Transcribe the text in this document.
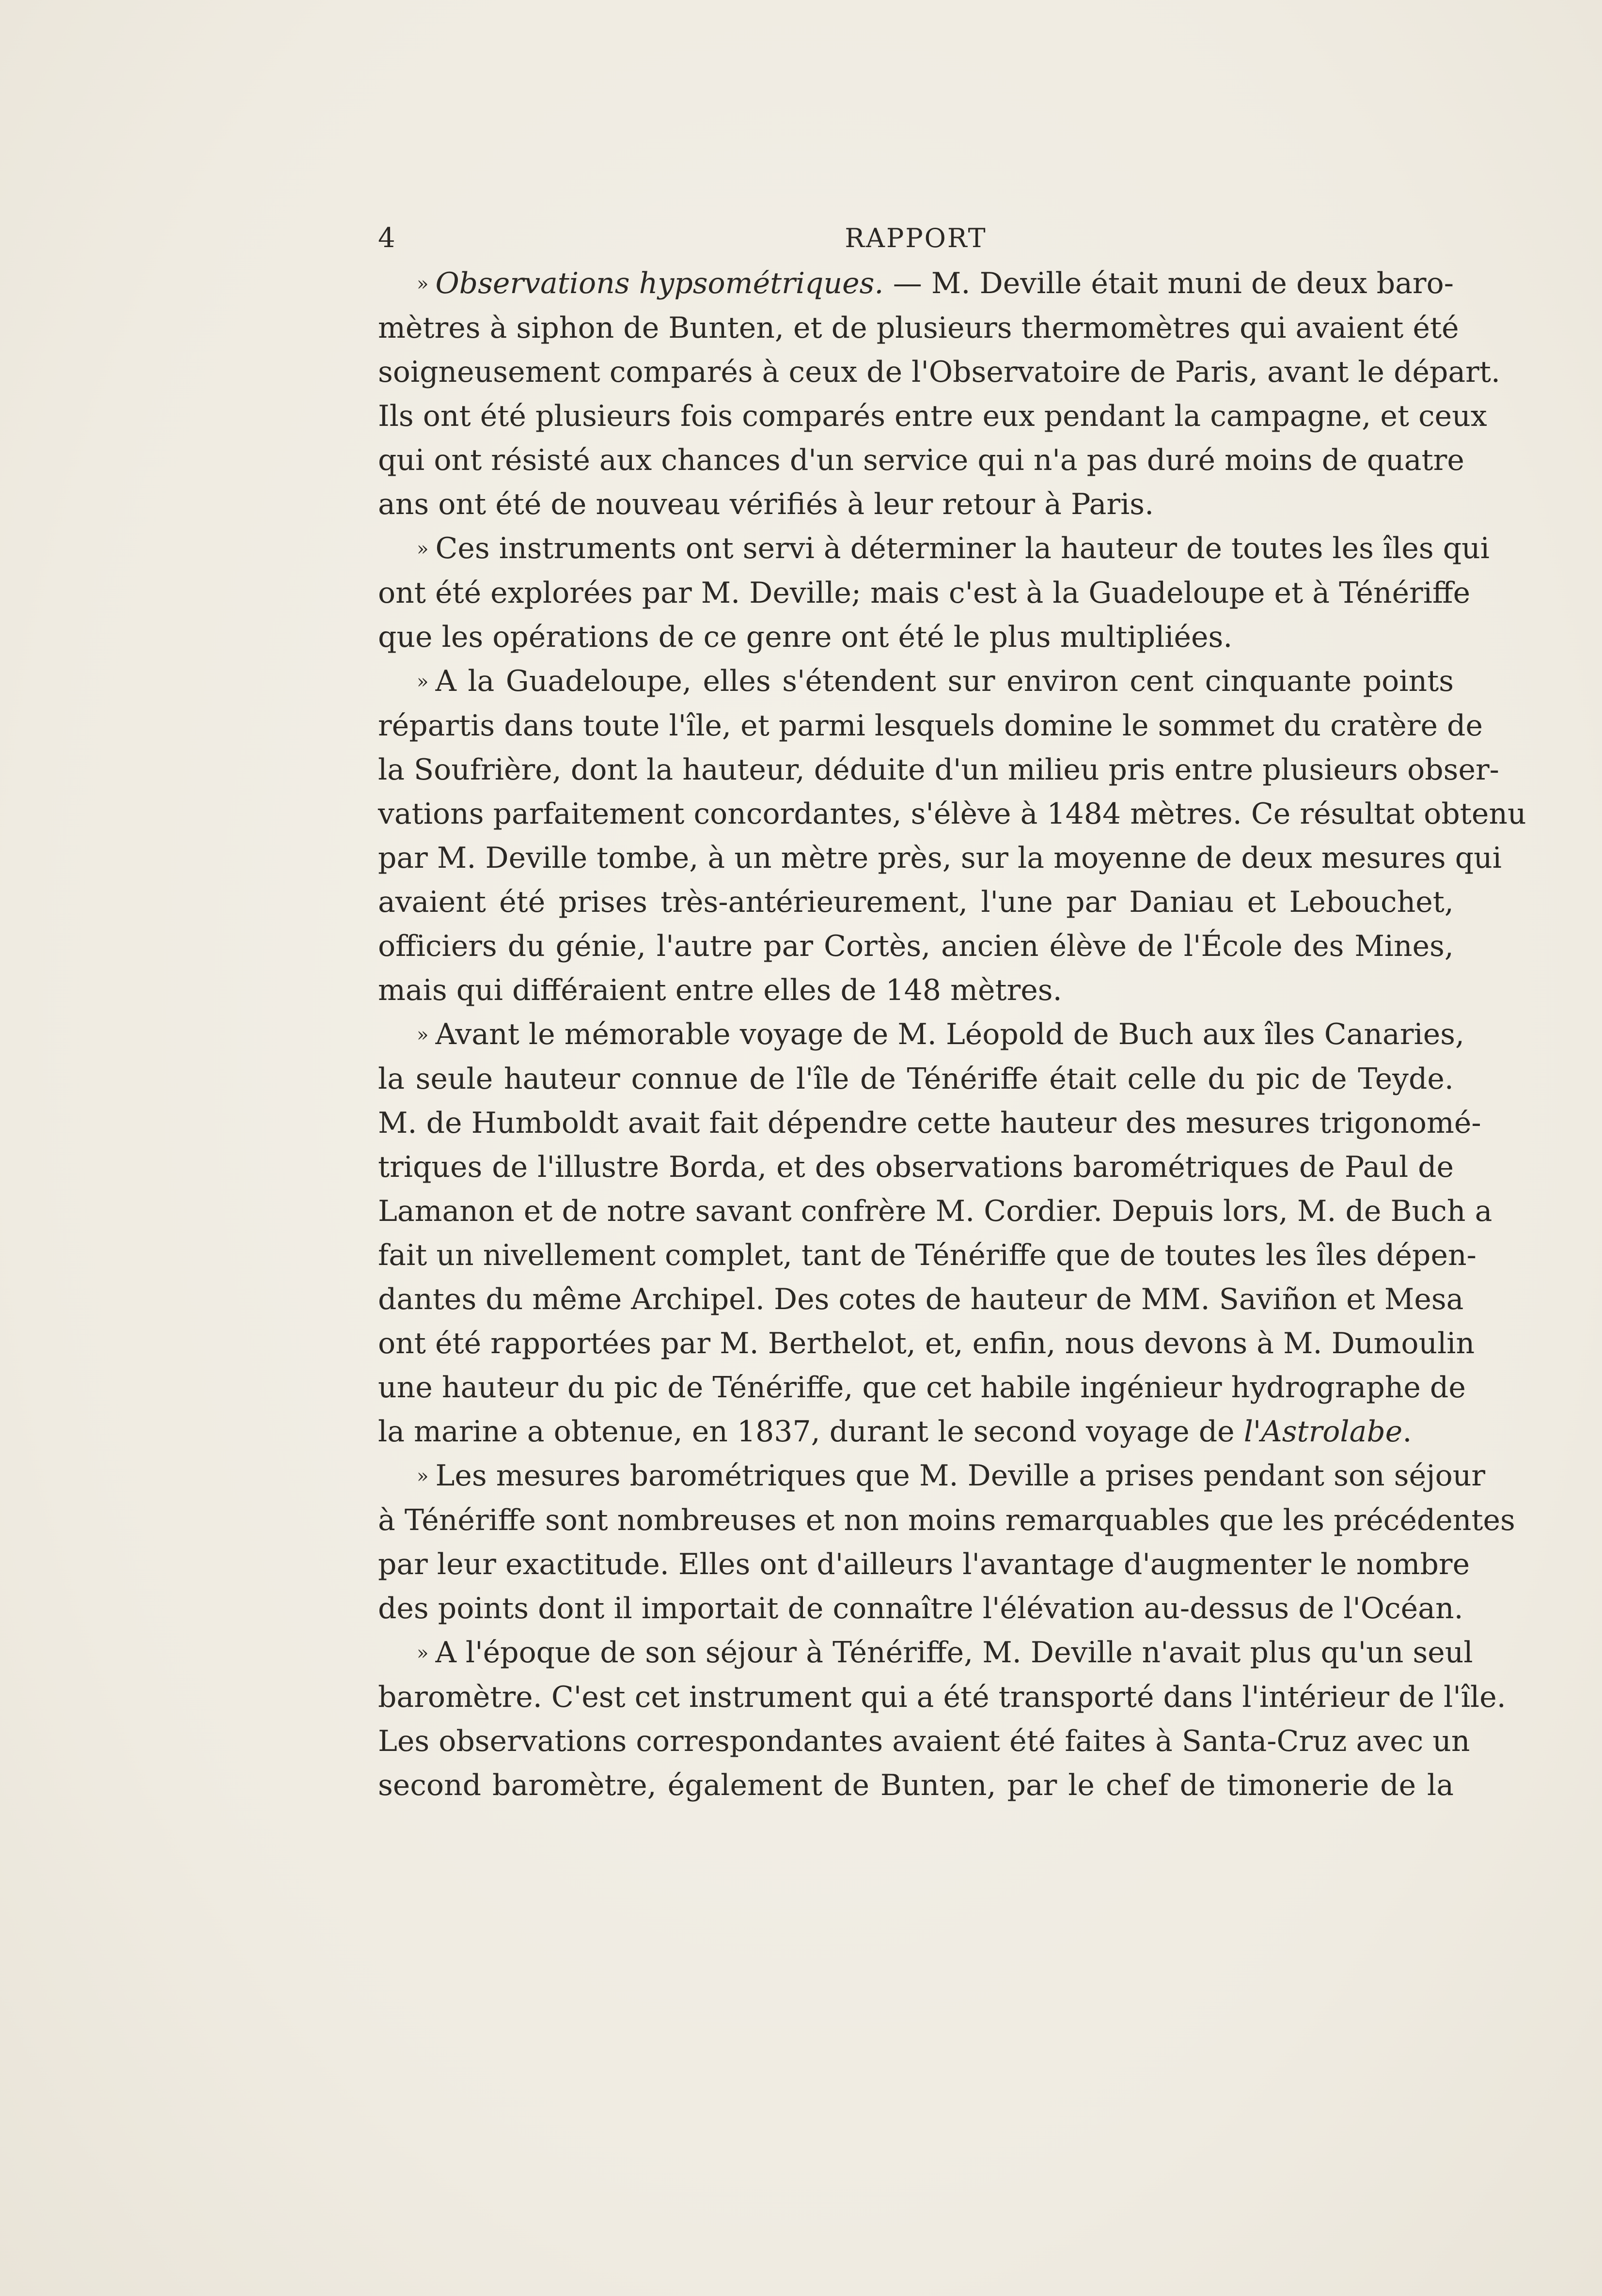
4	RAPPORT
» Observations hypsométriques. — M. Deville était muni de deux baro-
mètres à siphon de Bunten, et de plusieurs thermomètres qui avaient été
soigneusement comparés à ceux de l'Observatoire de Paris, avant le départ.
Ils ont été plusieurs fois comparés entre eux pendant la campagne, et ceux
qui ont résisté aux chances d'un service qui n'a pas duré moins de quatre
ans ont été de nouveau vérifiés à leur retour à Paris.
» Ces instruments ont servi à déterminer la hauteur de toutes les îles qui
ont été explorées par M. Deville; mais c'est à la Guadeloupe et à Ténériffe
que les opérations de ce genre ont été le plus multipliées.
» A la Guadeloupe, elles s'étendent sur environ cent cinquante points
répartis dans toute l'île, et parmi lesquels domine le sommet du cratère de
la Soufrière, dont la hauteur, déduite d'un milieu pris entre plusieurs obser-
vations parfaitement concordantes, s'élève à 1484 mètres. Ce résultat obtenu
par M. Deville tombe, à un mètre près, sur la moyenne de deux mesures qui
avaient été prises très-antérieurement, l'une par Daniau et Lebouchet,
officiers du génie, l'autre par Cortès, ancien élève de l'École des Mines,
mais qui différaient entre elles de 148 mètres.
» Avant le mémorable voyage de M. Léopold de Buch aux îles Canaries,
la seule hauteur connue de l'île de Ténériffe était celle du pic de Teyde.
M. de Humboldt avait fait dépendre cette hauteur des mesures trigonomé-
triques de l'illustre Borda, et des observations barométriques de Paul de
Lamanon et de notre savant confrère M. Cordier. Depuis lors, M. de Buch a
fait un nivellement complet, tant de Ténériffe que de toutes les îles dépen-
dantes du même Archipel. Des cotes de hauteur de MM. Saviñon et Mesa
ont été rapportées par M. Berthelot, et, enfin, nous devons à M. Dumoulin
une hauteur du pic de Ténériffe, que cet habile ingénieur hydrographe de
la marine a obtenue, en 1837, durant le second voyage de l'Astrolabe.
» Les mesures barométriques que M. Deville a prises pendant son séjour
à Ténériffe sont nombreuses et non moins remarquables que les précédentes
par leur exactitude. Elles ont d'ailleurs l'avantage d'augmenter le nombre
des points dont il importait de connaître l'élévation au-dessus de l'Océan.
» A l'époque de son séjour à Ténériffe, M. Deville n'avait plus qu'un seul
baromètre. C'est cet instrument qui a été transporté dans l'intérieur de l'île.
Les observations correspondantes avaient été faites à Santa-Cruz avec un
second baromètre, également de Bunten, par le chef de timonerie de la
